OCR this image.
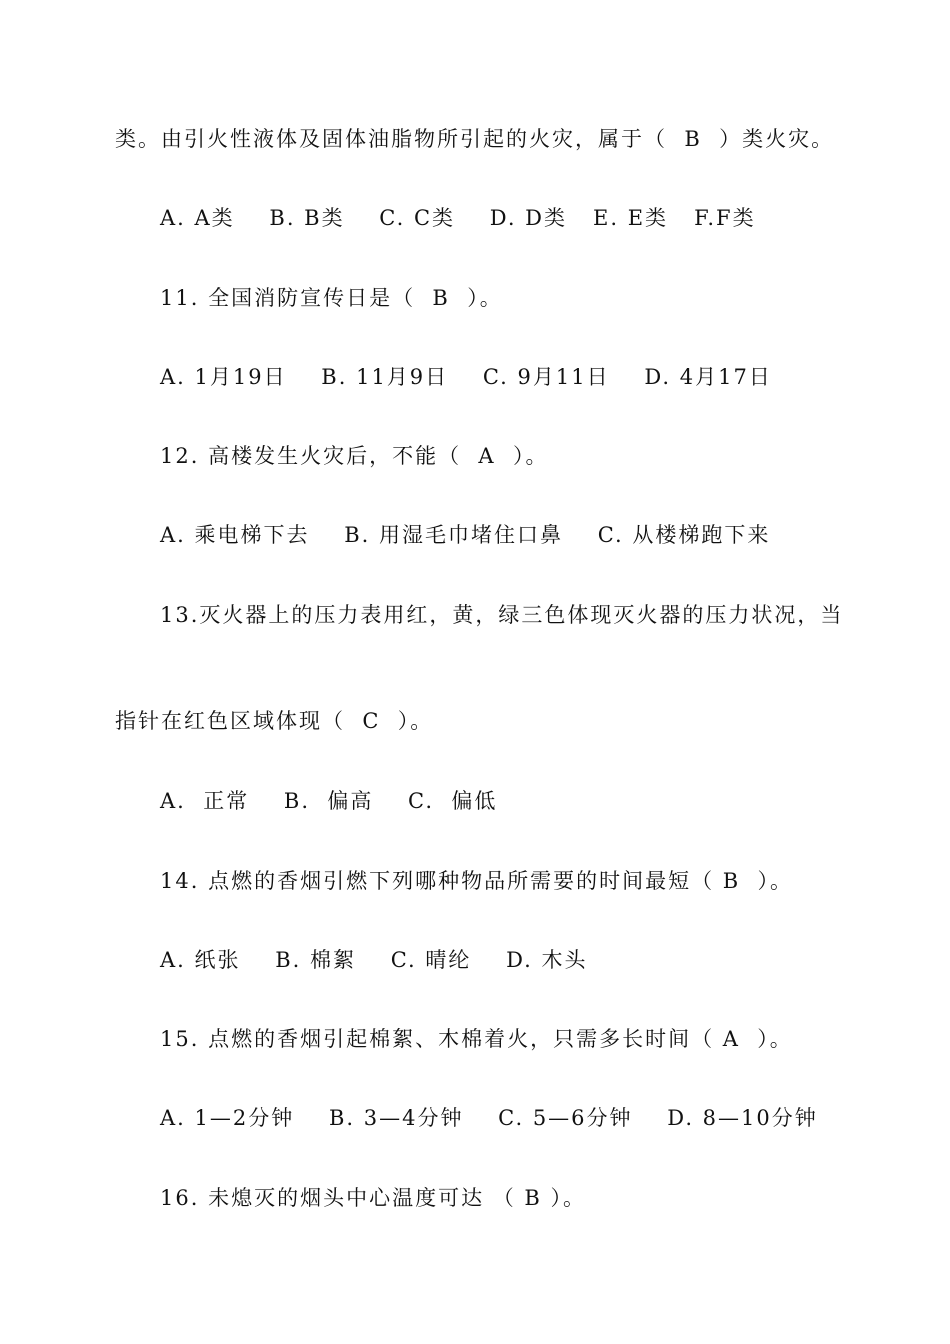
类。由引火性液体及固体油脂物所引起的火灾，属于（  B  ）类火灾。
A. A类    B. B类    C. C类    D. D类   E. E类   F.F类
11. 全国消防宣传日是（  B  ）。
A. 1月19日    B. 11月9日    C. 9月11日    D. 4月17日
12. 高楼发生火灾后，不能（  A  ）。
A. 乘电梯下去    B. 用湿毛巾堵住口鼻    C. 从楼梯跑下来
13.灭火器上的压力表用红，黄，绿三色体现灭火器的压力状况，当
指针在红色区域体现（  C  ）。
A.  正常    B.  偏高    C.  偏低
14. 点燃的香烟引燃下列哪种物品所需要的时间最短（ B  ）。
A. 纸张    B. 棉絮    C. 晴纶    D. 木头
15. 点燃的香烟引起棉絮、木棉着火，只需多长时间（ A  ）。
A. 1—2分钟    B. 3—4分钟    C. 5—6分钟    D. 8—10分钟
16. 未熄灭的烟头中心温度可达 （ B ）。
